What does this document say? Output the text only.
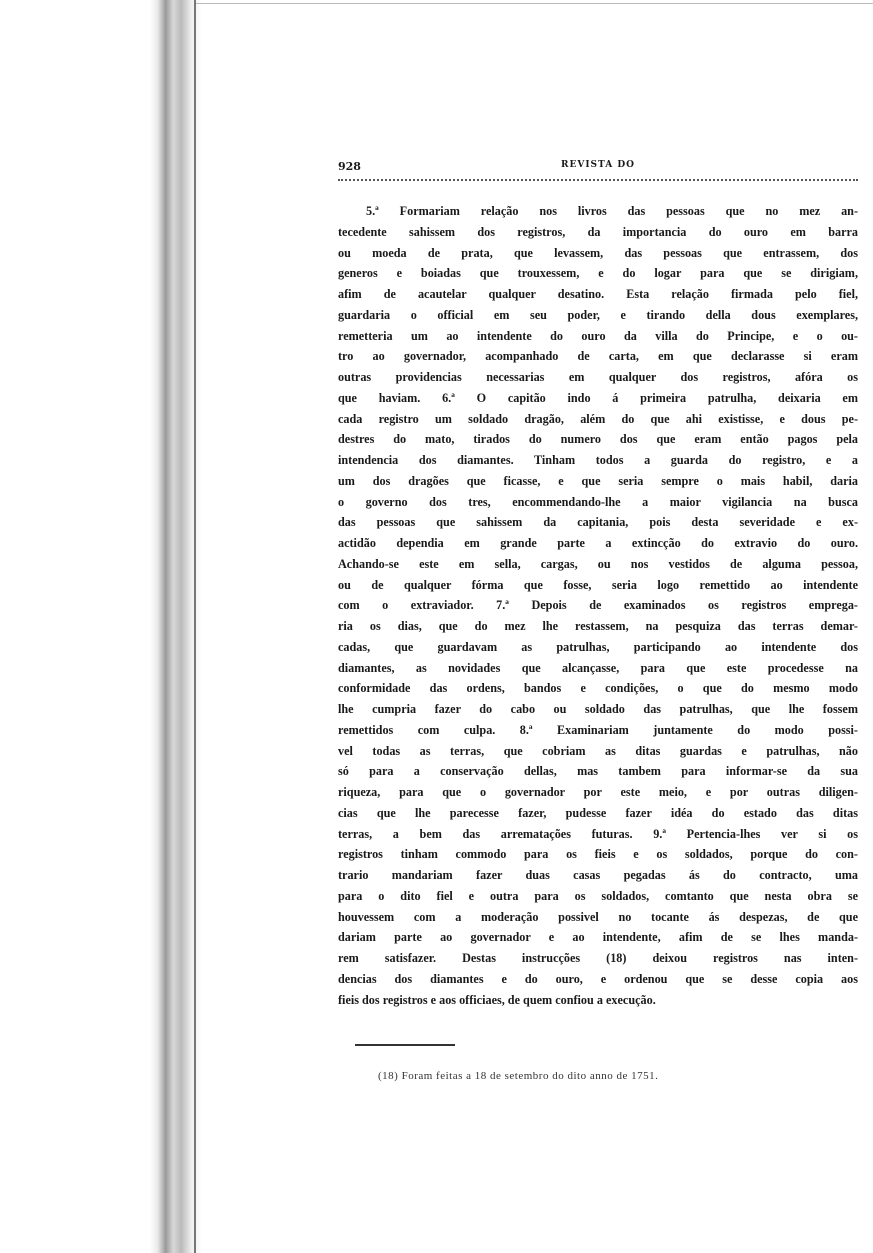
928	REVISTA DO
5.ª Formariam relação nos livros das pessoas que no mez an-
tecedente sahissem dos registros, da importancia do ouro em barra
ou moeda de prata, que levassem, das pessoas que entrassem, dos
generos e boiadas que trouxessem, e do logar para que se dirigiam,
afim de acautelar qualquer desatino. Esta relação firmada pelo fiel,
guardaria o official em seu poder, e tirando della dous exemplares,
remetteria um ao intendente do ouro da villa do Principe, e o ou-
tro ao governador, acompanhado de carta, em que declarasse si eram
outras providencias necessarias em qualquer dos registros, afóra os
que haviam. 6.ª O capitão indo á primeira patrulha, deixaria em
cada registro um soldado dragão, além do que ahi existisse, e dous pe-
destres do mato, tirados do numero dos que eram então pagos pela
intendencia dos diamantes. Tinham todos a guarda do registro, e a
um dos dragões que ficasse, e que seria sempre o mais habil, daria
o governo dos tres, encommendando-lhe a maior vigilancia na busca
das pessoas que sahissem da capitania, pois desta severidade e ex-
actidão dependia em grande parte a extincção do extravio do ouro.
Achando-se este em sella, cargas, ou nos vestidos de alguma pessoa,
ou de qualquer fórma que fosse, seria logo remettido ao intendente
com o extraviador. 7.ª Depois de examinados os registros emprega-
ria os dias, que do mez lhe restassem, na pesquiza das terras demar-
cadas, que guardavam as patrulhas, participando ao intendente dos
diamantes, as novidades que alcançasse, para que este procedesse na
conformidade das ordens, bandos e condições, o que do mesmo modo
lhe cumpria fazer do cabo ou soldado das patrulhas, que lhe fossem
remettidos com culpa. 8.ª Examinariam juntamente do modo possi-
vel todas as terras, que cobriam as ditas guardas e patrulhas, não
só para a conservação dellas, mas tambem para informar-se da sua
riqueza, para que o governador por este meio, e por outras diligen-
cias que lhe parecesse fazer, pudesse fazer idéa do estado das ditas
terras, a bem das arrematações futuras. 9.ª Pertencia-lhes ver si os
registros tinham commodo para os fieis e os soldados, porque do con-
trario mandariam fazer duas casas pegadas ás do contracto, uma
para o dito fiel e outra para os soldados, comtanto que nesta obra se
houvessem com a moderação possivel no tocante ás despezas, de que
dariam parte ao governador e ao intendente, afim de se lhes manda-
rem satisfazer. Destas instrucções (18) deixou registros nas inten-
dencias dos diamantes e do ouro, e ordenou que se desse copia aos
fieis dos registros e aos officiaes, de quem confiou a execução.
(18) Foram feitas a 18 de setembro do dito anno de 1751.
